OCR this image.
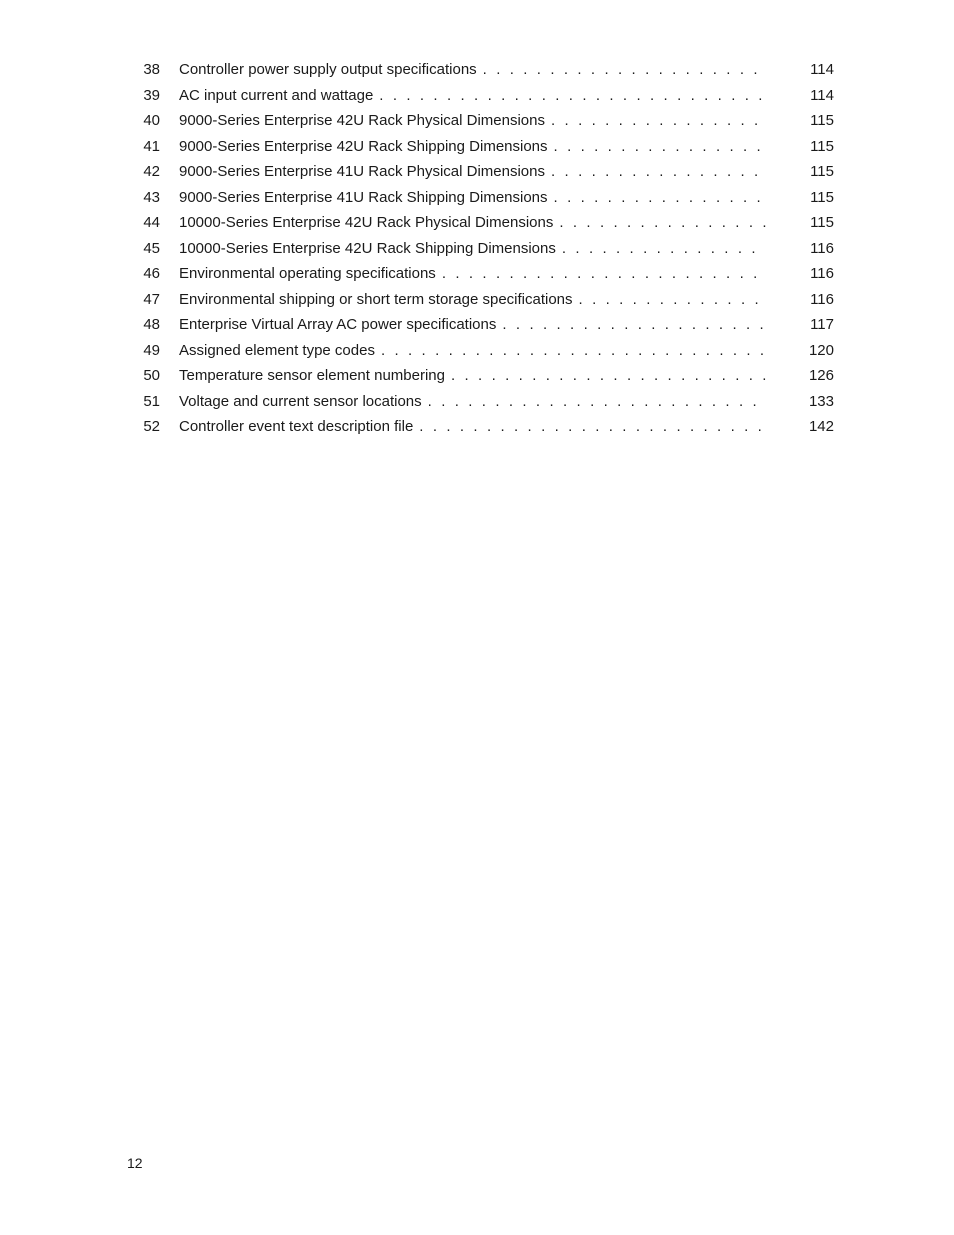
38 Controller power supply output specifications . . .	114
39 AC input current and wattage . . .	114
40 9000-Series Enterprise 42U Rack Physical Dimensions . . .	115
41 9000-Series Enterprise 42U Rack Shipping Dimensions . . .	115
42 9000-Series Enterprise 41U Rack Physical Dimensions . . .	115
43 9000-Series Enterprise 41U Rack Shipping Dimensions . . .	115
44 10000-Series Enterprise 42U Rack Physical Dimensions . . .	115
45 10000-Series Enterprise 42U Rack Shipping Dimensions . . .	116
46 Environmental operating specifications . . .	116
47 Environmental shipping or short term storage specifications . . .	116
48 Enterprise Virtual Array AC power specifications . . .	117
49 Assigned element type codes . . .	120
50 Temperature sensor element numbering . . .	126
51 Voltage and current sensor locations . . .	133
52 Controller event text description file . . .	142
12
